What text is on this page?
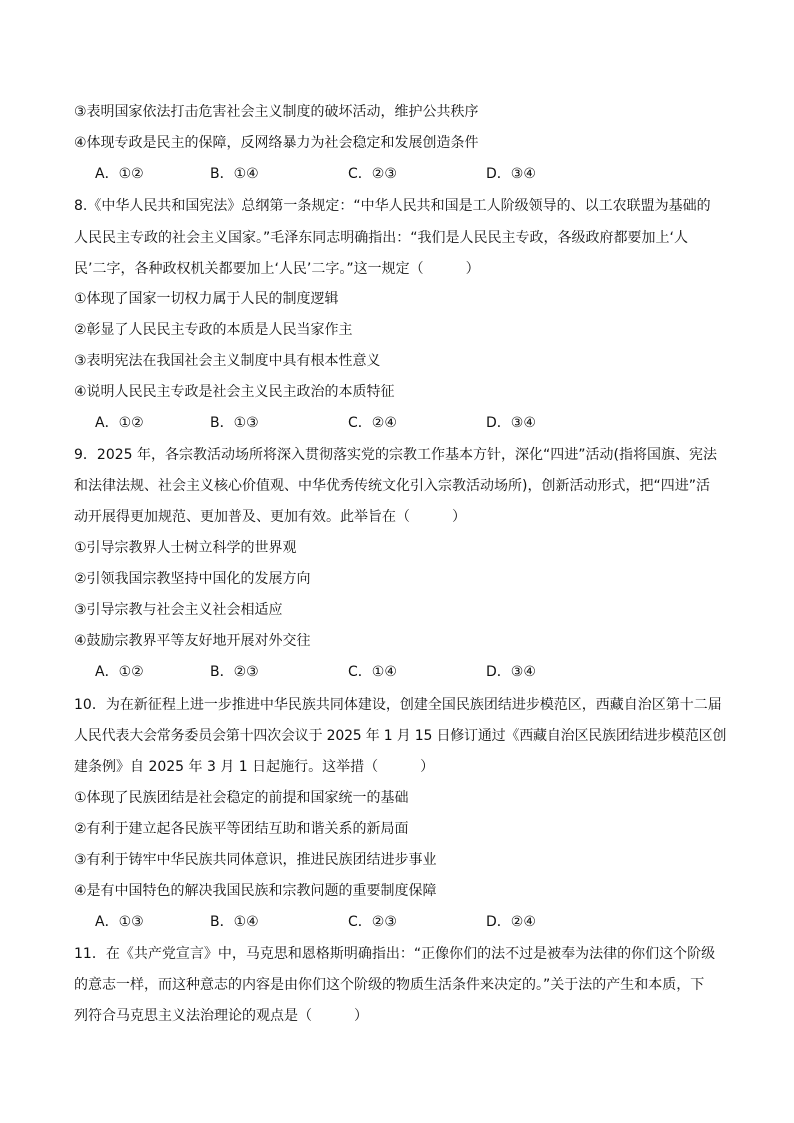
③表明国家依法打击危害社会主义制度的破坏活动，维护公共秩序
④体现专政是民主的保障，反网络暴力为社会稳定和发展创造条件
A．①②	B．①④	C．②③	D．③④
8.《中华人民共和国宪法》总纲第一条规定：“中华人民共和国是工人阶级领导的、以工农联盟为基础的
人民民主专政的社会主义国家。”毛泽东同志明确指出：“我们是人民民主专政，各级政府都要加上‘人
民’二字，各种政权机关都要加上‘人民’二字。”这一规定（　　　）
①体现了国家一切权力属于人民的制度逻辑
②彰显了人民民主专政的本质是人民当家作主
③表明宪法在我国社会主义制度中具有根本性意义
④说明人民民主专政是社会主义民主政治的本质特征
A．①②	B．①③	C．②④	D．③④
9．2025 年，各宗教活动场所将深入贯彻落实党的宗教工作基本方针，深化“四进”活动(指将国旗、宪法
和法律法规、社会主义核心价值观、中华优秀传统文化引入宗教活动场所)，创新活动形式，把“四进”活
动开展得更加规范、更加普及、更加有效。此举旨在（　　　）
①引导宗教界人士树立科学的世界观
②引领我国宗教坚持中国化的发展方向
③引导宗教与社会主义社会相适应
④鼓励宗教界平等友好地开展对外交往
A．①②	B．②③	C．①④	D．③④
10．为在新征程上进一步推进中华民族共同体建设，创建全国民族团结进步模范区，西藏自治区第十二届
人民代表大会常务委员会第十四次会议于 2025 年 1 月 15 日修订通过《西藏自治区民族团结进步模范区创
建条例》自 2025 年 3 月 1 日起施行。这举措（　　　）
①体现了民族团结是社会稳定的前提和国家统一的基础
②有利于建立起各民族平等团结互助和谐关系的新局面
③有利于铸牢中华民族共同体意识，推进民族团结进步事业
④是有中国特色的解决我国民族和宗教问题的重要制度保障
A．①③	B．①④	C．②③	D．②④
11．在《共产党宣言》中，马克思和恩格斯明确指出：“正像你们的法不过是被奉为法律的你们这个阶级
的意志一样，而这种意志的内容是由你们这个阶级的物质生活条件来决定的。”关于法的产生和本质，下
列符合马克思主义法治理论的观点是（　　　）
